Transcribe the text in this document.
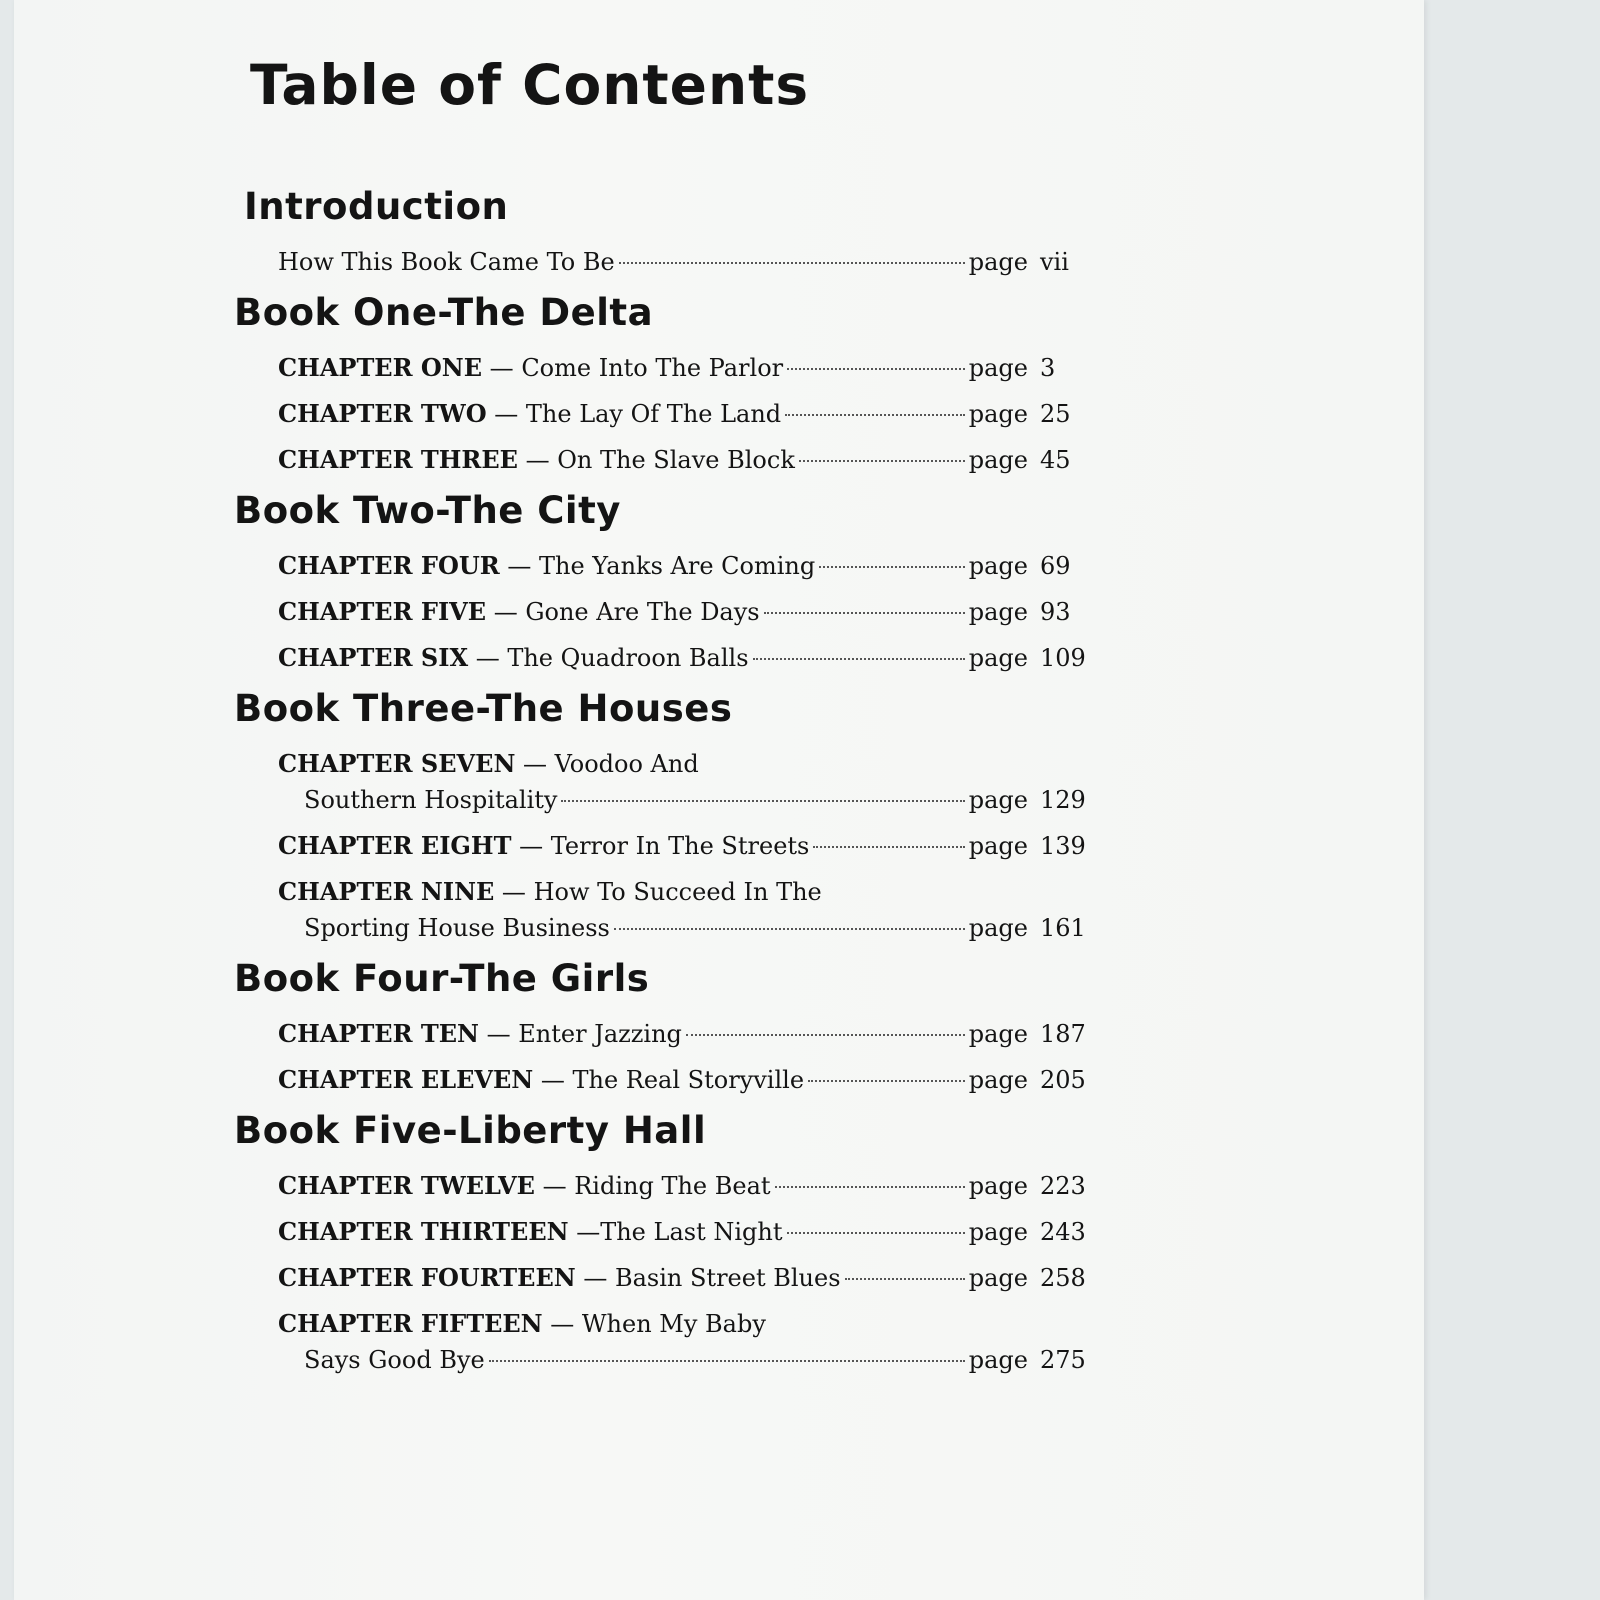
Table of Contents
Introduction
How This Book Came To Be	page vii
Book One-The Delta
CHAPTER ONE — Come Into The Parlor	page 3
CHAPTER TWO — The Lay Of The Land	page 25
CHAPTER THREE — On The Slave Block	page 45
Book Two-The City
CHAPTER FOUR — The Yanks Are Coming	page 69
CHAPTER FIVE — Gone Are The Days	page 93
CHAPTER SIX — The Quadroon Balls	page 109
Book Three-The Houses
CHAPTER SEVEN — Voodoo And
Southern Hospitality	page 129
CHAPTER EIGHT — Terror In The Streets	page 139
CHAPTER NINE — How To Succeed In The
Sporting House Business	page 161
Book Four-The Girls
CHAPTER TEN — Enter Jazzing	page 187
CHAPTER ELEVEN — The Real Storyville	page 205
Book Five-Liberty Hall
CHAPTER TWELVE — Riding The Beat	page 223
CHAPTER THIRTEEN — The Last Night	page 243
CHAPTER FOURTEEN — Basin Street Blues	page 258
CHAPTER FIFTEEN — When My Baby
Says Good Bye	page 275
